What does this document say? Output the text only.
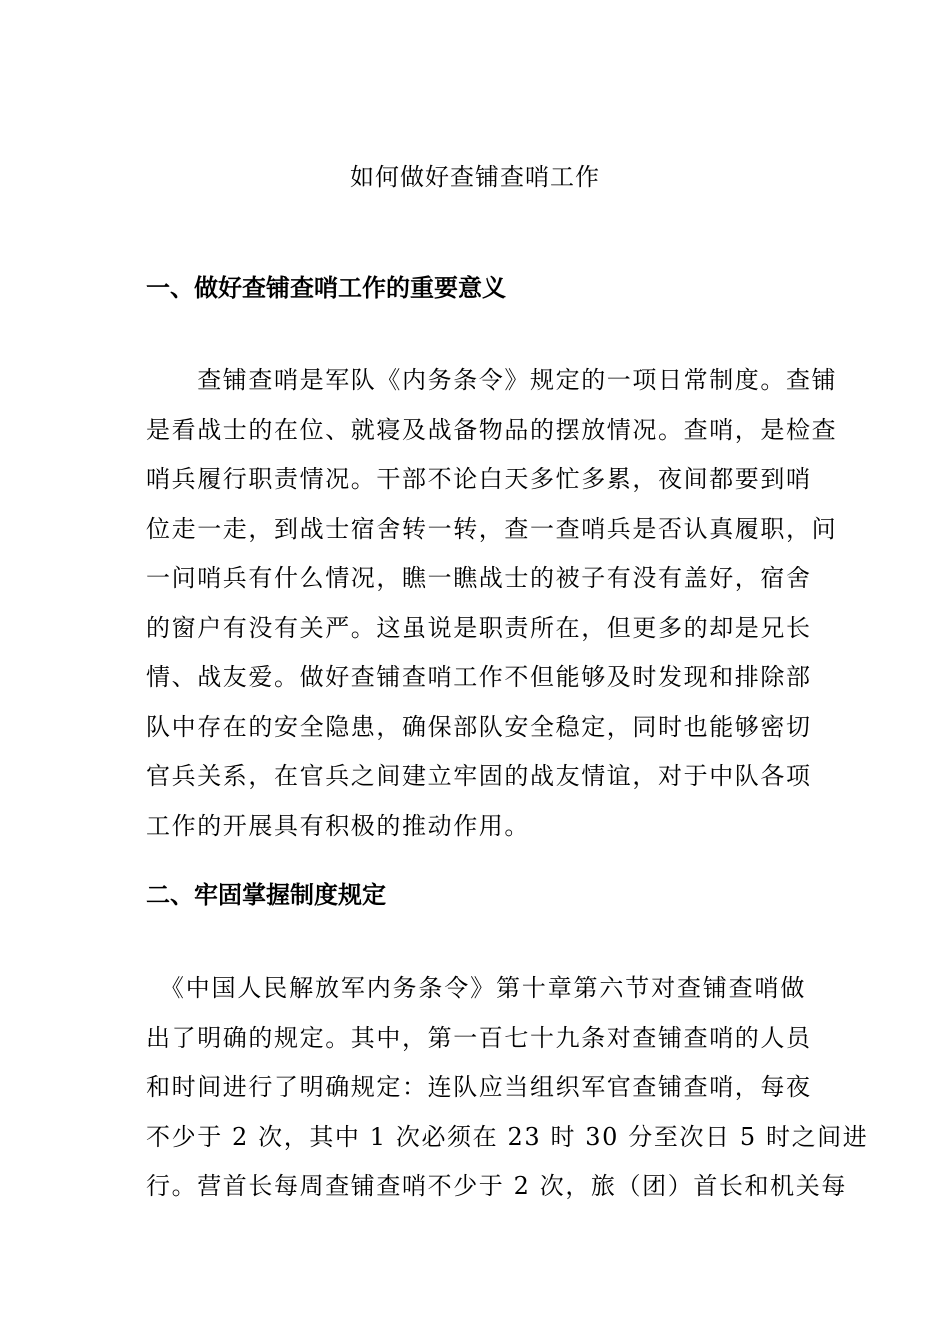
如何做好查铺查哨工作
一、做好查铺查哨工作的重要意义
　　查铺查哨是军队《内务条令》规定的一项日常制度。查铺
是看战士的在位、就寝及战备物品的摆放情况。查哨，是检查
哨兵履行职责情况。干部不论白天多忙多累，夜间都要到哨
位走一走，到战士宿舍转一转，查一查哨兵是否认真履职，问
一问哨兵有什么情况，瞧一瞧战士的被子有没有盖好，宿舍
的窗户有没有关严。这虽说是职责所在，但更多的却是兄长
情、战友爱。做好查铺查哨工作不但能够及时发现和排除部
队中存在的安全隐患，确保部队安全稳定，同时也能够密切
官兵关系，在官兵之间建立牢固的战友情谊，对于中队各项
工作的开展具有积极的推动作用。
二、牢固掌握制度规定
　《中国人民解放军内务条令》第十章第六节对查铺查哨做
出了明确的规定。其中，第一百七十九条对查铺查哨的人员
和时间进行了明确规定：连队应当组织军官查铺查哨，每夜
不少于 2 次，其中 1 次必须在 23 时 30 分至次日 5 时之间进
行。营首长每周查铺查哨不少于 2 次，旅（团）首长和机关每
